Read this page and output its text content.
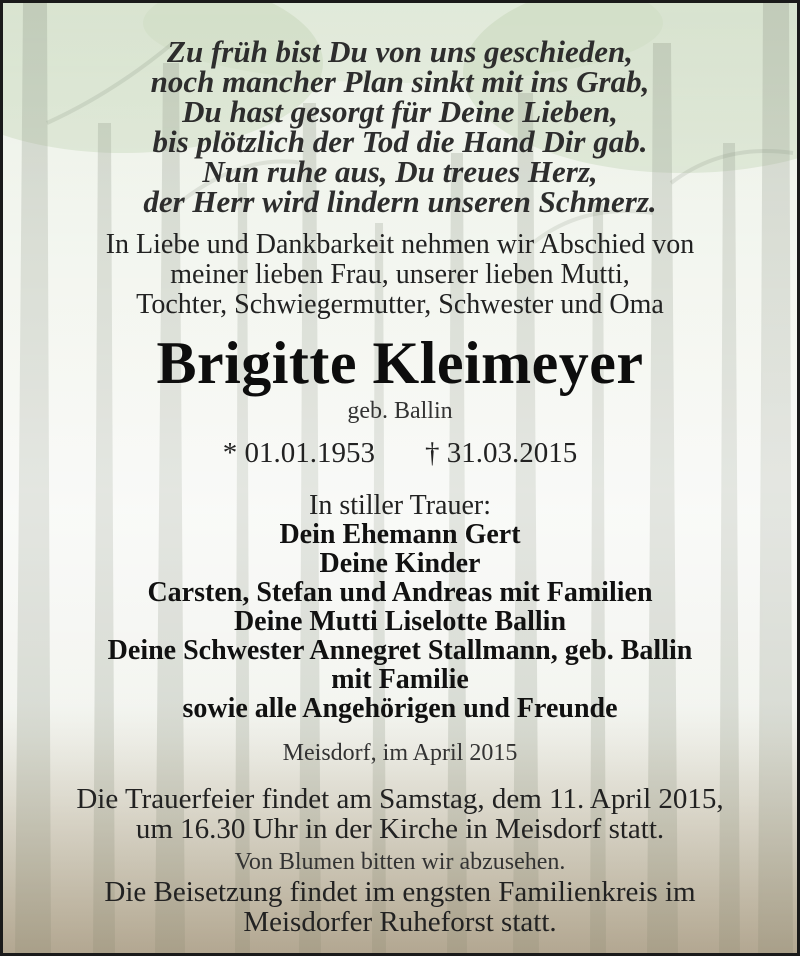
Zu früh bist Du von uns geschieden,
noch mancher Plan sinkt mit ins Grab,
Du hast gesorgt für Deine Lieben,
bis plötzlich der Tod die Hand Dir gab.
Nun ruhe aus, Du treues Herz,
der Herr wird lindern unseren Schmerz.
In Liebe und Dankbarkeit nehmen wir Abschied von
meiner lieben Frau, unserer lieben Mutti,
Tochter, Schwiegermutter, Schwester und Oma
Brigitte Kleimeyer
geb. Ballin
* 01.01.1953 † 31.03.2015
In stiller Trauer:
Dein Ehemann Gert
Deine Kinder
Carsten, Stefan und Andreas mit Familien
Deine Mutti Liselotte Ballin
Deine Schwester Annegret Stallmann, geb. Ballin
mit Familie
sowie alle Angehörigen und Freunde
Meisdorf, im April 2015
Die Trauerfeier findet am Samstag, dem 11. April 2015,
um 16.30 Uhr in der Kirche in Meisdorf statt.
Von Blumen bitten wir abzusehen.
Die Beisetzung findet im engsten Familienkreis im
Meisdorfer Ruheforst statt.
